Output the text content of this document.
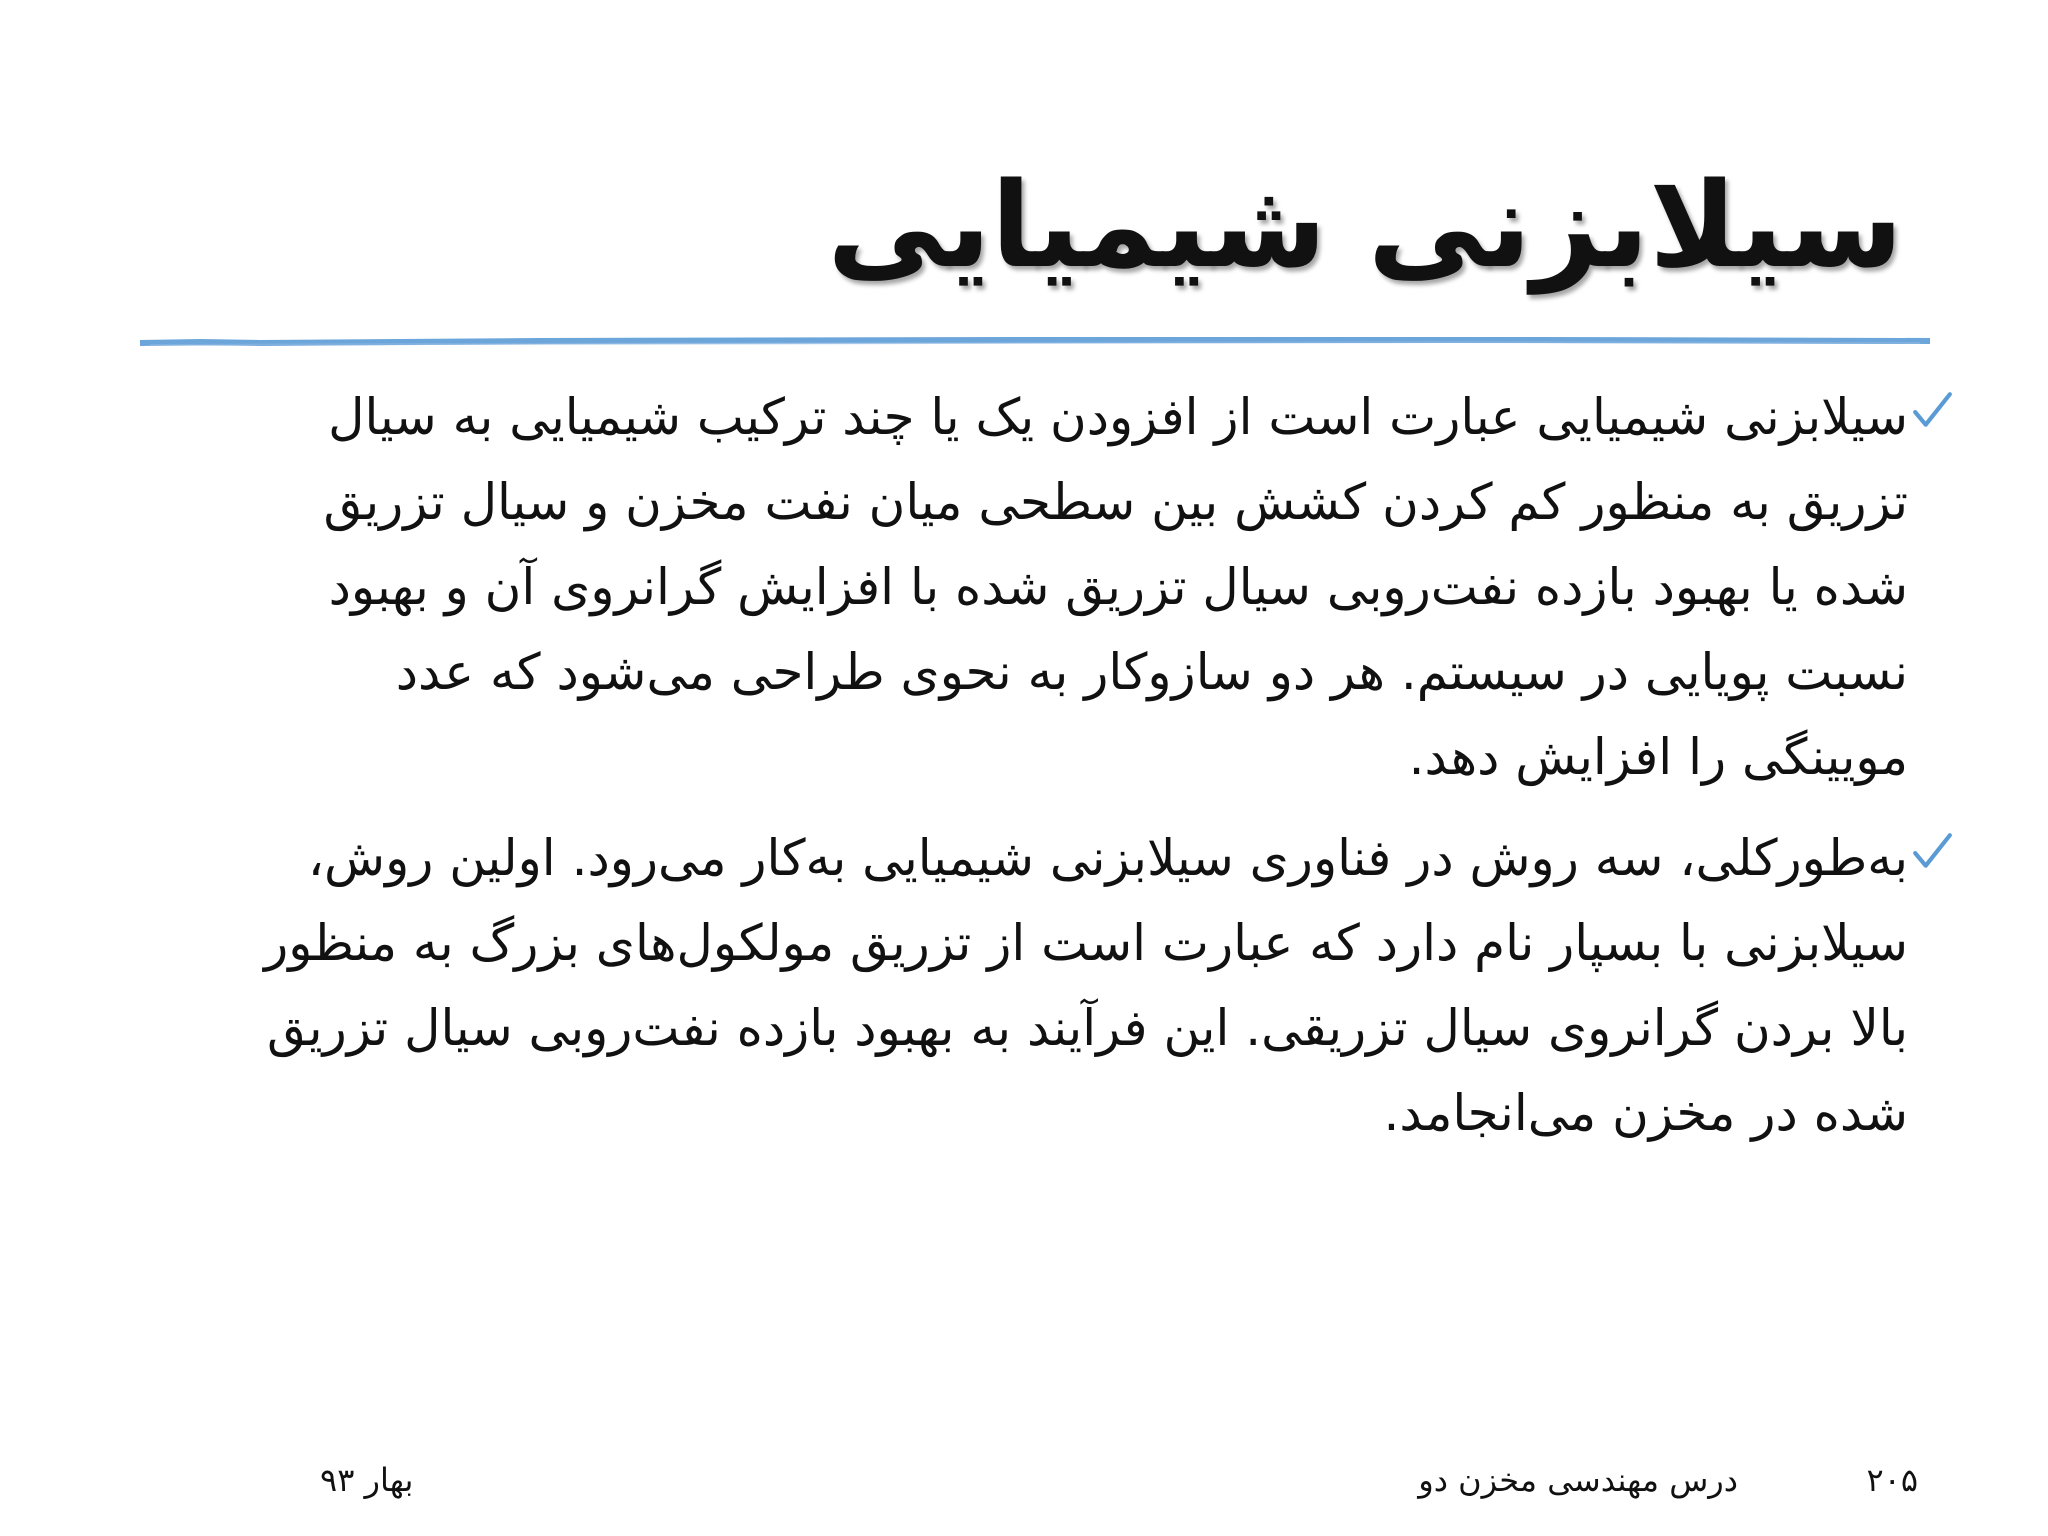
سیلابزنی شیمیایی
سیلابزنی شیمیایی عبارت است از افزودن یک یا چند ترکیب شیمیایی به سیال تزریق به منظور کم کردن کشش بین سطحی میان نفت مخزن و سیال تزریق شده یا بهبود بازده نفت‌روبی سیال تزریق شده با افزایش گرانروی آن و بهبود نسبت پویایی در سیستم. هر دو سازوکار به نحوی طراحی می‌شود که عدد مویینگی را افزایش دهد.
به‌طورکلی، سه روش در فناوری سیلابزنی شیمیایی به‌کار می‌رود. اولین روش، سیلابزنی با بسپار نام دارد که عبارت است از تزریق مولکول‌های بزرگ به منظور بالا بردن گرانروی سیال تزریقی. این فرآیند به بهبود بازده نفت‌روبی سیال تزریق شده در مخزن می‌انجامد.
۲۰۵
درس مهندسی مخزن دو
بهار ۹۳
